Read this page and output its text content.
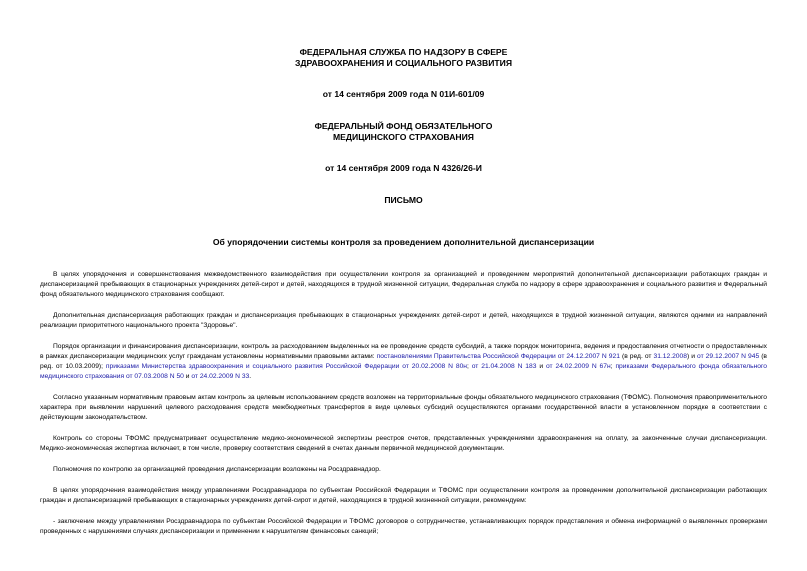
ФЕДЕРАЛЬНАЯ СЛУЖБА ПО НАДЗОРУ В СФЕРЕ
ЗДРАВООХРАНЕНИЯ И СОЦИАЛЬНОГО РАЗВИТИЯ

от 14 сентября 2009 года N 01И-601/09

ФЕДЕРАЛЬНЫЙ ФОНД ОБЯЗАТЕЛЬНОГО
МЕДИЦИНСКОГО СТРАХОВАНИЯ

от 14 сентября 2009 года N 4326/26-И

ПИСЬМО

Об упорядочении системы контроля за проведением дополнительной диспансеризации

В целях упорядочения и совершенствования межведомственного взаимодействия при осуществлении контроля за организацией и проведением мероприятий дополнительной диспансеризации работающих граждан и диспансеризацией пребывающих в стационарных учреждениях детей-сирот и детей, находящихся в трудной жизненной ситуации, Федеральная служба по надзору в сфере здравоохранения и социального развития и Федеральный фонд обязательного медицинского страхования сообщают.

Дополнительная диспансеризация работающих граждан и диспансеризация пребывающих в стационарных учреждениях детей-сирот и детей, находящихся в трудной жизненной ситуации, являются одними из направлений реализации приоритетного национального проекта "Здоровье".

Порядок организации и финансирования диспансеризации, контроль за расходованием выделенных на ее проведение средств субсидий, а также порядок мониторинга, ведения и предоставления отчетности о предоставленных в рамках диспансеризации медицинских услуг гражданам установлены нормативными правовыми актами: постановлениями Правительства Российской Федерации от 24.12.2007 N 921 (в ред. от 31.12.2008) и от 29.12.2007 N 945 (в ред. от 10.03.2009); приказами Министерства здравоохранения и социального развития Российской Федерации от 20.02.2008 N 80н; от 21.04.2008 N 183 и от 24.02.2009 N 67н; приказами Федерального фонда обязательного медицинского страхования от 07.03.2008 N 50 и от 24.02.2009 N 33.

Согласно указанным нормативным правовым актам контроль за целевым использованием средств возложен на территориальные фонды обязательного медицинского страхования (ТФОМС). Полномочия правоприменительного характера при выявлении нарушений целевого расходования средств межбюджетных трансфертов в виде целевых субсидий осуществляются органами государственной власти в установленном порядке в соответствии с действующим законодательством.

Контроль со стороны ТФОМС предусматривает осуществление медико-экономической экспертизы реестров счетов, представленных учреждениями здравоохранения на оплату, за законченные случаи диспансеризации. Медико-экономическая экспертиза включает, в том числе, проверку соответствия сведений в счетах данным первичной медицинской документации.

Полномочия по контролю за организацией проведения диспансеризации возложены на Росздравнадзор.

В целях упорядочения взаимодействия между управлениями Росздравнадзора по субъектам Российской Федерации и ТФОМС при осуществлении контроля за проведением дополнительной диспансеризации работающих граждан и диспансеризацией пребывающих в стационарных учреждениях детей-сирот и детей, находящихся в трудной жизненной ситуации, рекомендуем:

- заключение между управлениями Росздравнадзора по субъектам Российской Федерации и ТФОМС договоров о сотрудничестве, устанавливающих порядок представления и обмена информацией о выявленных проверками проведенных с нарушениями случаях диспансеризации и применении к нарушителям финансовых санкций;
